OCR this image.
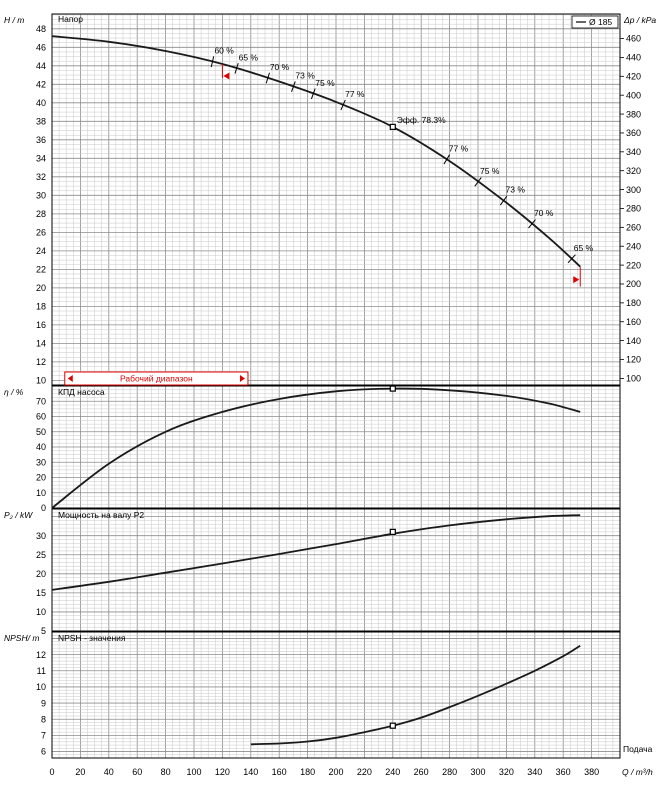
Напор
H / m
КПД насоса
η / %
Мощность на валу P2
P₂ / kW
NPSH - значения
NPSH/ m
10
12
14
16
18
20
22
24
26
28
30
32
34
36
38
40
42
44
46
48
0
10
20
30
40
50
60
70
5
10
15
20
25
30
6
7
8
9
10
11
12
100
120
140
160
180
200
220
240
260
280
300
320
340
360
380
400
420
440
460
Δp / kPa
0 20 40 60 80 100 120 140 160 180 200 220 240 260 280 300 320 340 360 380	Q / m³/h
Подача
Эфф. 78.3%
60 %
65 %
70 %
73 %
75 %
77 %
77 %
75 %
73 %
70 %
65 %
Рабочий диапазон
Ø 185
